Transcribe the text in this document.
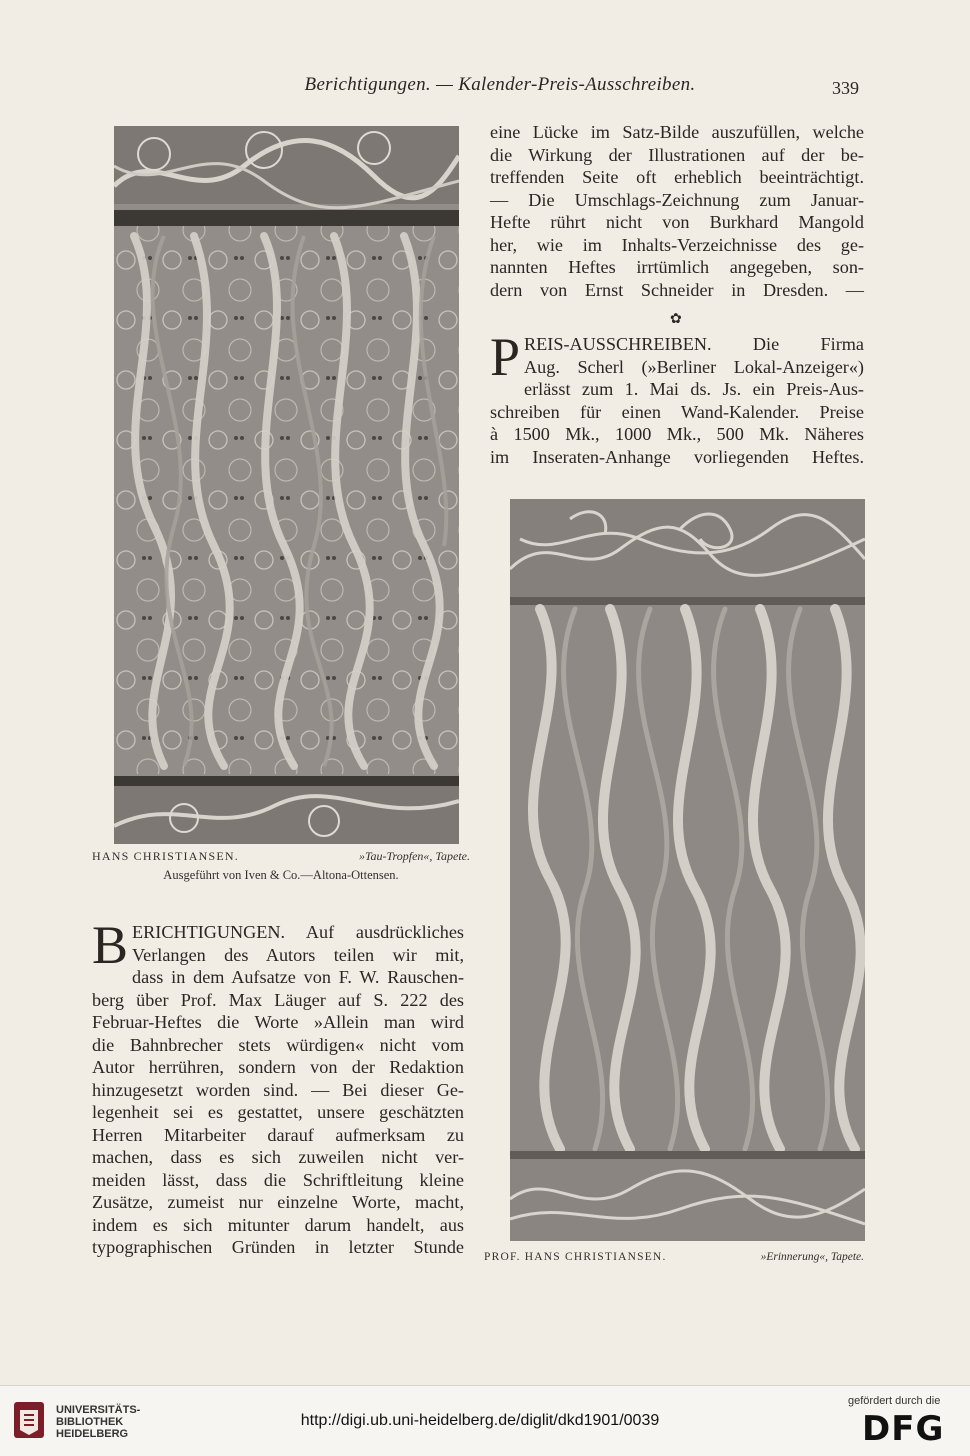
Berichtigungen. — Kalender-Preis-Ausschreiben.	339
HANS CHRISTIANSEN.	»Tau-Tropfen«, Tapete.
Ausgeführt von Iven & Co.—Altona-Ottensen.
eine Lücke im Satz-Bilde auszufüllen, welche
die Wirkung der Illustrationen auf der be-
treffenden Seite oft erheblich beeinträchtigt.
— Die Umschlags-Zeichnung zum Januar-
Hefte rührt nicht von Burkhard Mangold
her, wie im Inhalts-Verzeichnisse des ge-
nannten Heftes irrtümlich angegeben, son-
dern von Ernst Schneider in Dresden. —
✿
P REIS-AUSSCHREIBEN. Die Firma
Aug. Scherl (»Berliner Lokal-Anzeiger«)
erlässt zum 1. Mai ds. Js. ein Preis-Aus-
schreiben für einen Wand-Kalender. Preise
à 1500 Mk., 1000 Mk., 500 Mk. Näheres
im Inseraten-Anhange vorliegenden Heftes.
PROF. HANS CHRISTIANSEN.	»Erinnerung«, Tapete.
B ERICHTIGUNGEN. Auf ausdrückliches
Verlangen des Autors teilen wir mit,
dass in dem Aufsatze von F. W. Rauschen-
berg über Prof. Max Läuger auf S. 222 des
Februar-Heftes die Worte »Allein man wird
die Bahnbrecher stets würdigen« nicht vom
Autor herrühren, sondern von der Redaktion
hinzugesetzt worden sind. — Bei dieser Ge-
legenheit sei es gestattet, unsere geschätzten
Herren Mitarbeiter darauf aufmerksam zu
machen, dass es sich zuweilen nicht ver-
meiden lässt, dass die Schriftleitung kleine
Zusätze, zumeist nur einzelne Worte, macht,
indem es sich mitunter darum handelt, aus
typographischen Gründen in letzter Stunde
UNIVERSITÄTS-
BIBLIOTHEK
HEIDELBERG
http://digi.ub.uni-heidelberg.de/diglit/dkd1901/0039
gefördert durch die
DFG
